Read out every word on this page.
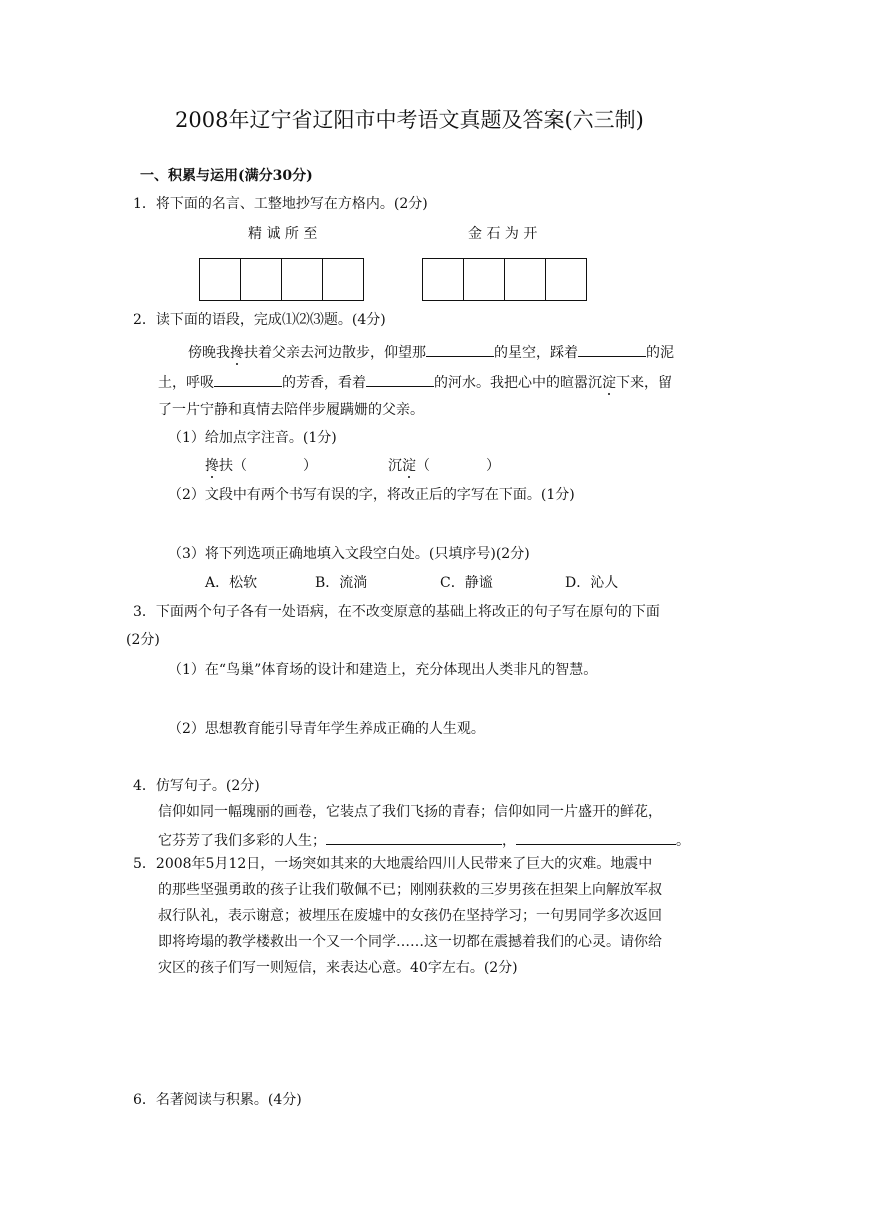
2008年辽宁省辽阳市中考语文真题及答案(六三制)
一、积累与运用(满分30分)
1．将下面的名言、工整地抄写在方格内。(2分)
精 诚 所 至	金 石 为 开
2．读下面的语段，完成⑴⑵⑶题。(4分)
傍晚我搀扶着父亲去河边散步，仰望那	的星空，踩着	的泥
土，呼吸	的芳香，看着	的河水。我把心中的暄嚣沉淀下来，留
了一片宁静和真情去陪伴步履蹒姗的父亲。
（1）给加点字注音。(1分)
搀扶（　　　　）	沉淀（　　　　）
（2）文段中有两个书写有误的字，将改正后的字写在下面。(1分)
（3）将下列选项正确地填入文段空白处。(只填序号)(2分)
A．松软	B．流淌	C．静谧	D．沁人
3．下面两个句子各有一处语病，在不改变原意的基础上将改正的句子写在原句的下面
(2分)
（1）在“鸟巢”体育场的设计和建造上，充分体现出人类非凡的智慧。
（2）思想教育能引导青年学生养成正确的人生观。
4．仿写句子。(2分)
信仰如同一幅瑰丽的画卷，它装点了我们飞扬的青春；信仰如同一片盛开的鲜花，
它芬芳了我们多彩的人生；	，	。
5．2008年5月12日，一场突如其来的大地震给四川人民带来了巨大的灾难。地震中
的那些坚强勇敢的孩子让我们敬佩不已；刚刚获救的三岁男孩在担架上向解放军叔
叔行队礼，表示谢意；被埋压在废墟中的女孩仍在坚持学习；一句男同学多次返回
即将垮塌的教学楼救出一个又一个同学……这一切都在震撼着我们的心灵。请你给
灾区的孩子们写一则短信，来表达心意。40字左右。(2分)
6．名著阅读与积累。(4分)
